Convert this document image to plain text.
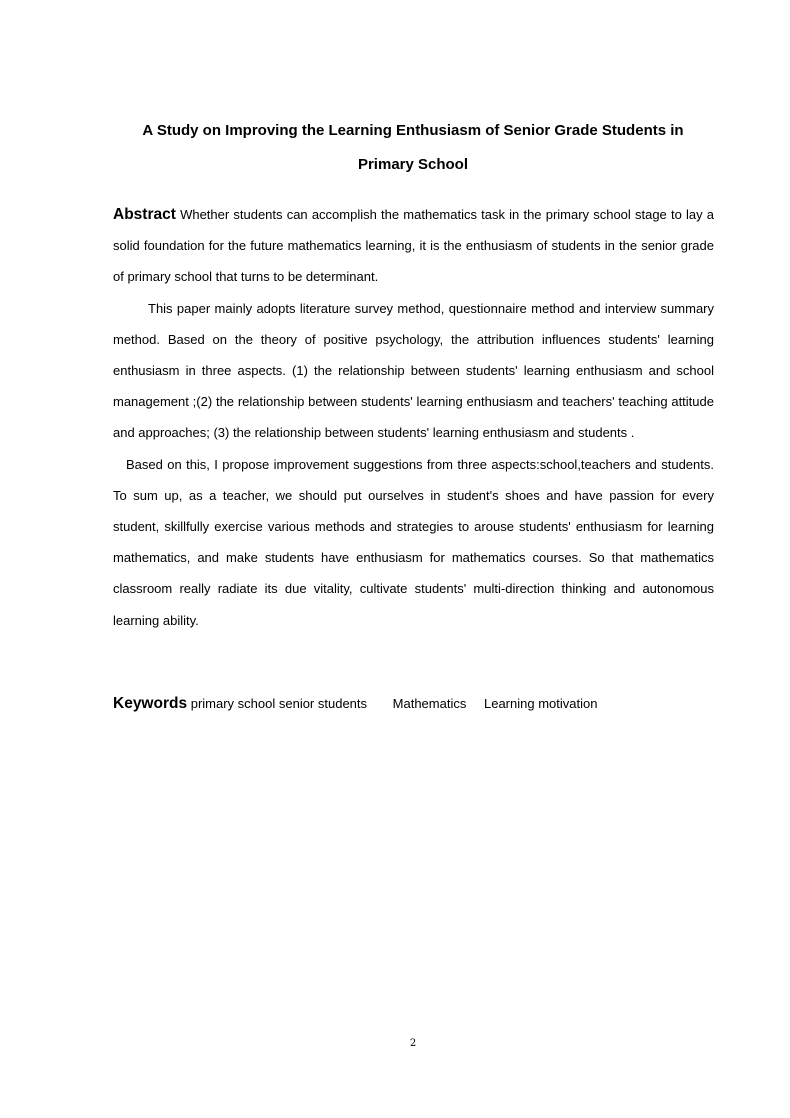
A Study on Improving the Learning Enthusiasm of Senior Grade Students in Primary School

Abstract Whether students can accomplish the mathematics task in the primary school stage to lay a solid foundation for the future mathematics learning, it is the enthusiasm of students in the senior grade of primary school that turns to be determinant.

This paper mainly adopts literature survey method, questionnaire method and interview summary method. Based on the theory of positive psychology, the attribution influences students' learning enthusiasm in three aspects. (1) the relationship between students' learning enthusiasm and school management ;(2) the relationship between students' learning enthusiasm and teachers' teaching attitude and approaches; (3) the relationship between students' learning enthusiasm and students .

Based on this, I propose improvement suggestions from three aspects:school,teachers and students. To sum up, as a teacher, we should put ourselves in student's shoes and have passion for every student, skillfully exercise various methods and strategies to arouse students' enthusiasm for learning mathematics, and make students have enthusiasm for mathematics courses. So that mathematics classroom really radiate its due vitality, cultivate students' multi-direction thinking and autonomous learning ability.

Keywords primary school senior students Mathematics Learning motivation
2
